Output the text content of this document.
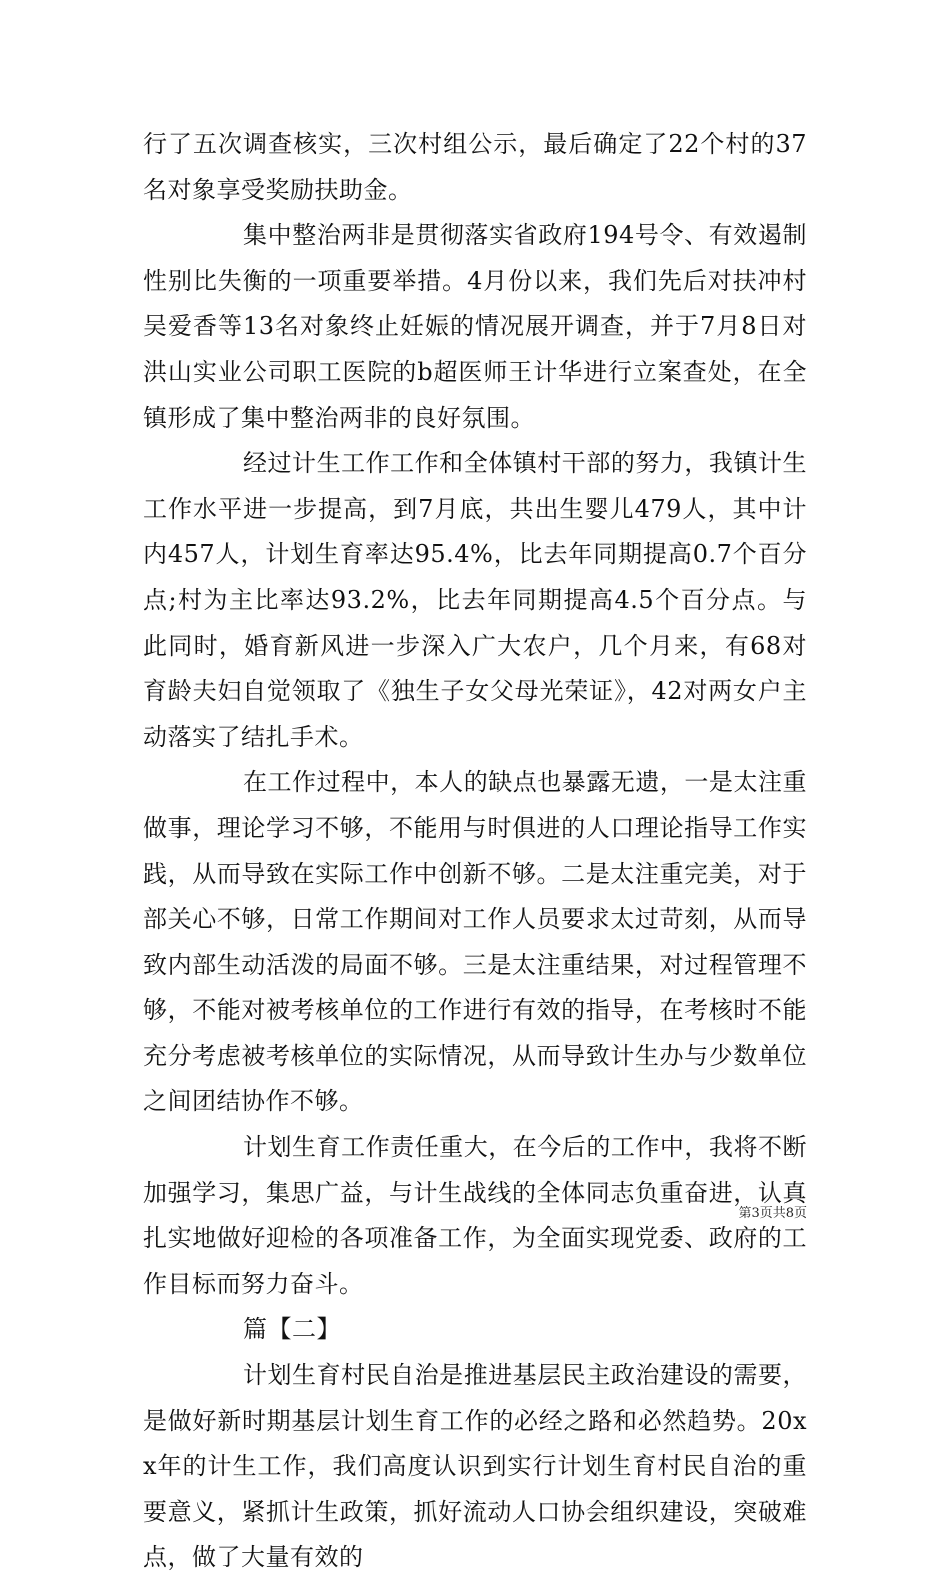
行了五次调查核实，三次村组公示，最后确定了22个村的37名对象享受奖励扶助金。

集中整治两非是贯彻落实省政府194号令、有效遏制性别比失衡的一项重要举措。4月份以来，我们先后对扶冲村吴爱香等13名对象终止妊娠的情况展开调查，并于7月8日对洪山实业公司职工医院的b超医师王计华进行立案查处，在全镇形成了集中整治两非的良好氛围。

经过计生工作工作和全体镇村干部的努力，我镇计生工作水平进一步提高，到7月底，共出生婴儿479人，其中计内457人，计划生育率达95.4%，比去年同期提高0.7个百分点;村为主比率达93.2%，比去年同期提高4.5个百分点。与此同时，婚育新风进一步深入广大农户，几个月来，有68对育龄夫妇自觉领取了《独生子女父母光荣证》，42对两女户主动落实了结扎手术。

在工作过程中，本人的缺点也暴露无遗，一是太注重做事，理论学习不够，不能用与时俱进的人口理论指导工作实践，从而导致在实际工作中创新不够。二是太注重完美，对于部关心不够，日常工作期间对工作人员要求太过苛刻，从而导致内部生动活泼的局面不够。三是太注重结果，对过程管理不够，不能对被考核单位的工作进行有效的指导，在考核时不能充分考虑被考核单位的实际情况，从而导致计生办与少数单位之间团结协作不够。

计划生育工作责任重大，在今后的工作中，我将不断加强学习，集思广益，与计生战线的全体同志负重奋进，认真扎实地做好迎检的各项准备工作，为全面实现党委、政府的工作目标而努力奋斗。

篇【二】

计划生育村民自治是推进基层民主政治建设的需要，是做好新时期基层计划生育工作的必经之路和必然趋势。20xx年的计生工作，我们高度认识到实行计划生育村民自治的重要意义，紧抓计生政策，抓好流动人口协会组织建设，突破难点，做了大量有效的

第3页共8页
